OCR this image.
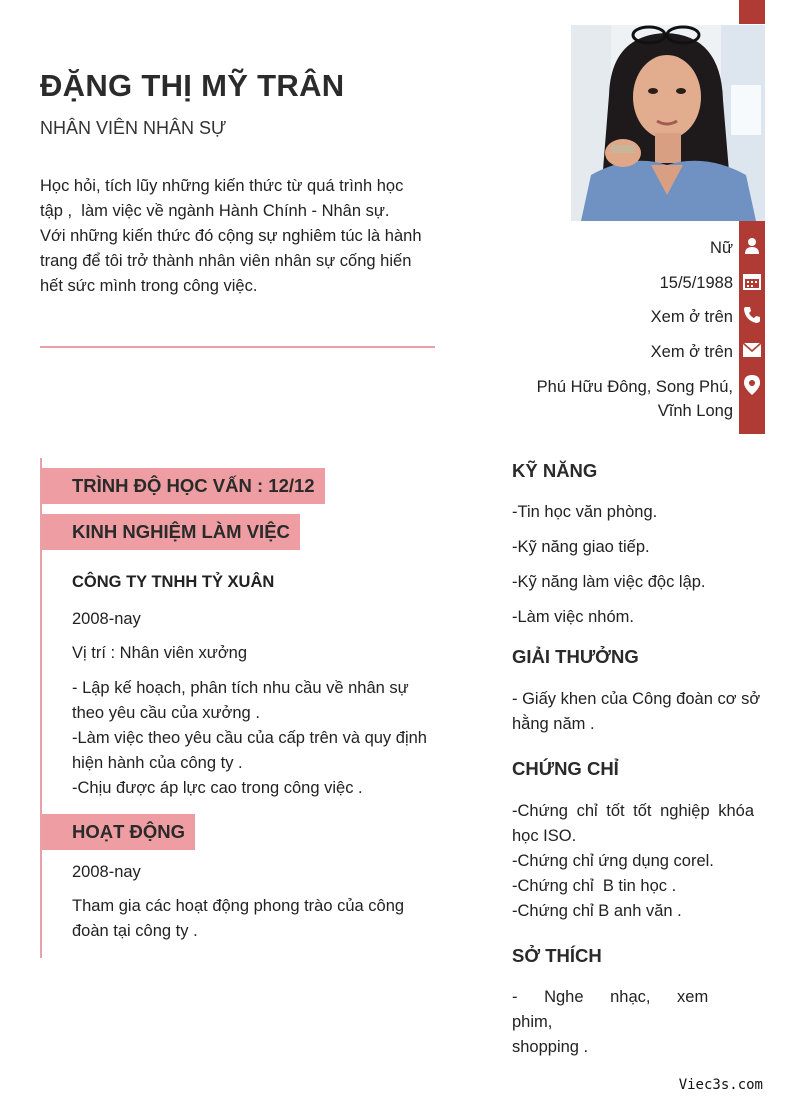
ĐẶNG THỊ MỸ TRÂN
NHÂN VIÊN NHÂN SỰ
Học hỏi, tích lũy những kiến thức từ quá trình học
tập ,  làm việc về ngành Hành Chính - Nhân sự.
Với những kiến thức đó cộng sự nghiêm túc là hành
trang để tôi trở thành nhân viên nhân sự cống hiến
hết sức mình trong công việc.
Nữ
15/5/1988
Xem ở trên
Xem ở trên
Phú Hữu Đông, Song Phú,
Vĩnh Long
TRÌNH ĐỘ HỌC VẤN : 12/12
KINH NGHIỆM LÀM VIỆC
CÔNG TY TNHH TỶ XUÂN
2008-nay
Vị trí : Nhân viên xưởng
- Lập kế hoạch, phân tích nhu cầu về nhân sự
theo yêu cầu của xưởng .
-Làm việc theo yêu cầu của cấp trên và quy định
hiện hành của công ty .
-Chịu được áp lực cao trong công việc .
HOẠT ĐỘNG
2008-nay
Tham gia các hoạt động phong trào của công
đoàn tại công ty .
KỸ NĂNG
-Tin học văn phòng.
-Kỹ năng giao tiếp.
-Kỹ năng làm việc độc lập.
-Làm việc nhóm.
GIẢI THƯỞNG
- Giấy khen của Công đoàn cơ sở
hằng năm .
CHỨNG CHỈ
-Chứng chỉ tốt tốt nghiệp khóa
học ISO.
-Chứng chỉ ứng dụng corel.
-Chứng chỉ  B tin học .
-Chứng chỉ B anh văn .
SỞ THÍCH
- Nghe nhạc, xem phim,
shopping .
Viec3s.com
